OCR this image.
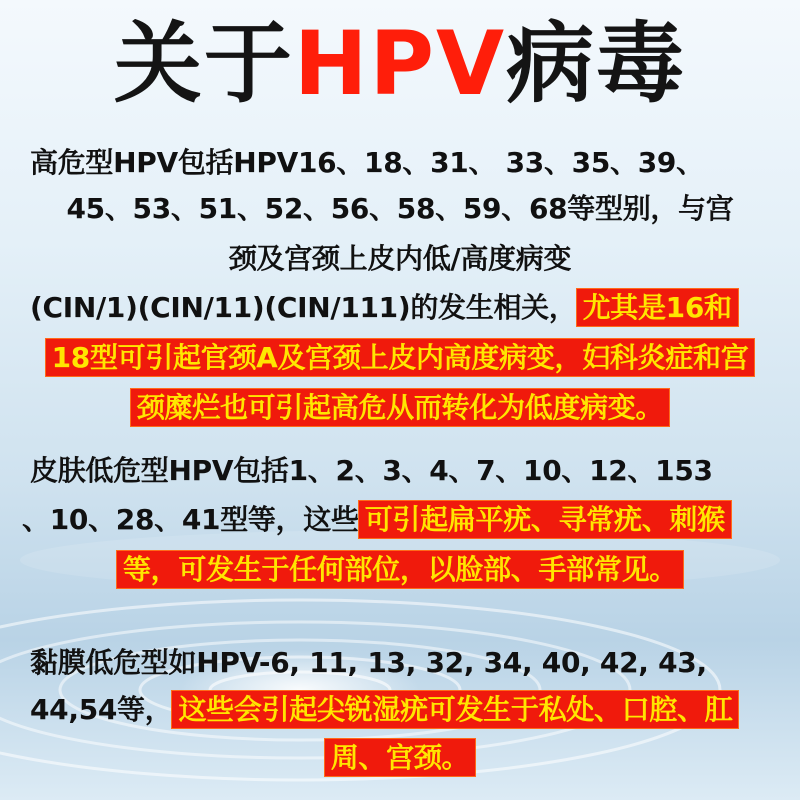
关于HPV病毒
高危型HPV包括HPV16、18、31、 33、35、39、
45、53、51、52、56、58、59、68等型别，与宫
颈及宫颈上皮内低/高度病变
(CIN/1)(CIN/11)(CIN/111)的发生相关， 尤其是16和
18型可引起官颈A及宫颈上皮内高度病变，妇科炎症和宫
颈糜烂也可引起高危从而转化为低度病变。
皮肤低危型HPV包括1、2、3、4、7、10、12、153
、10、28、41型等，这些 可引起扁平疣、寻常疣、刺猴
等，可发生于任何部位，以脸部、手部常见。
黏膜低危型如HPV-6, 11, 13, 32, 34, 40, 42, 43,
44,54等， 这些会引起尖锐湿疣可发生于私处、口腔、肛
周、宫颈。
